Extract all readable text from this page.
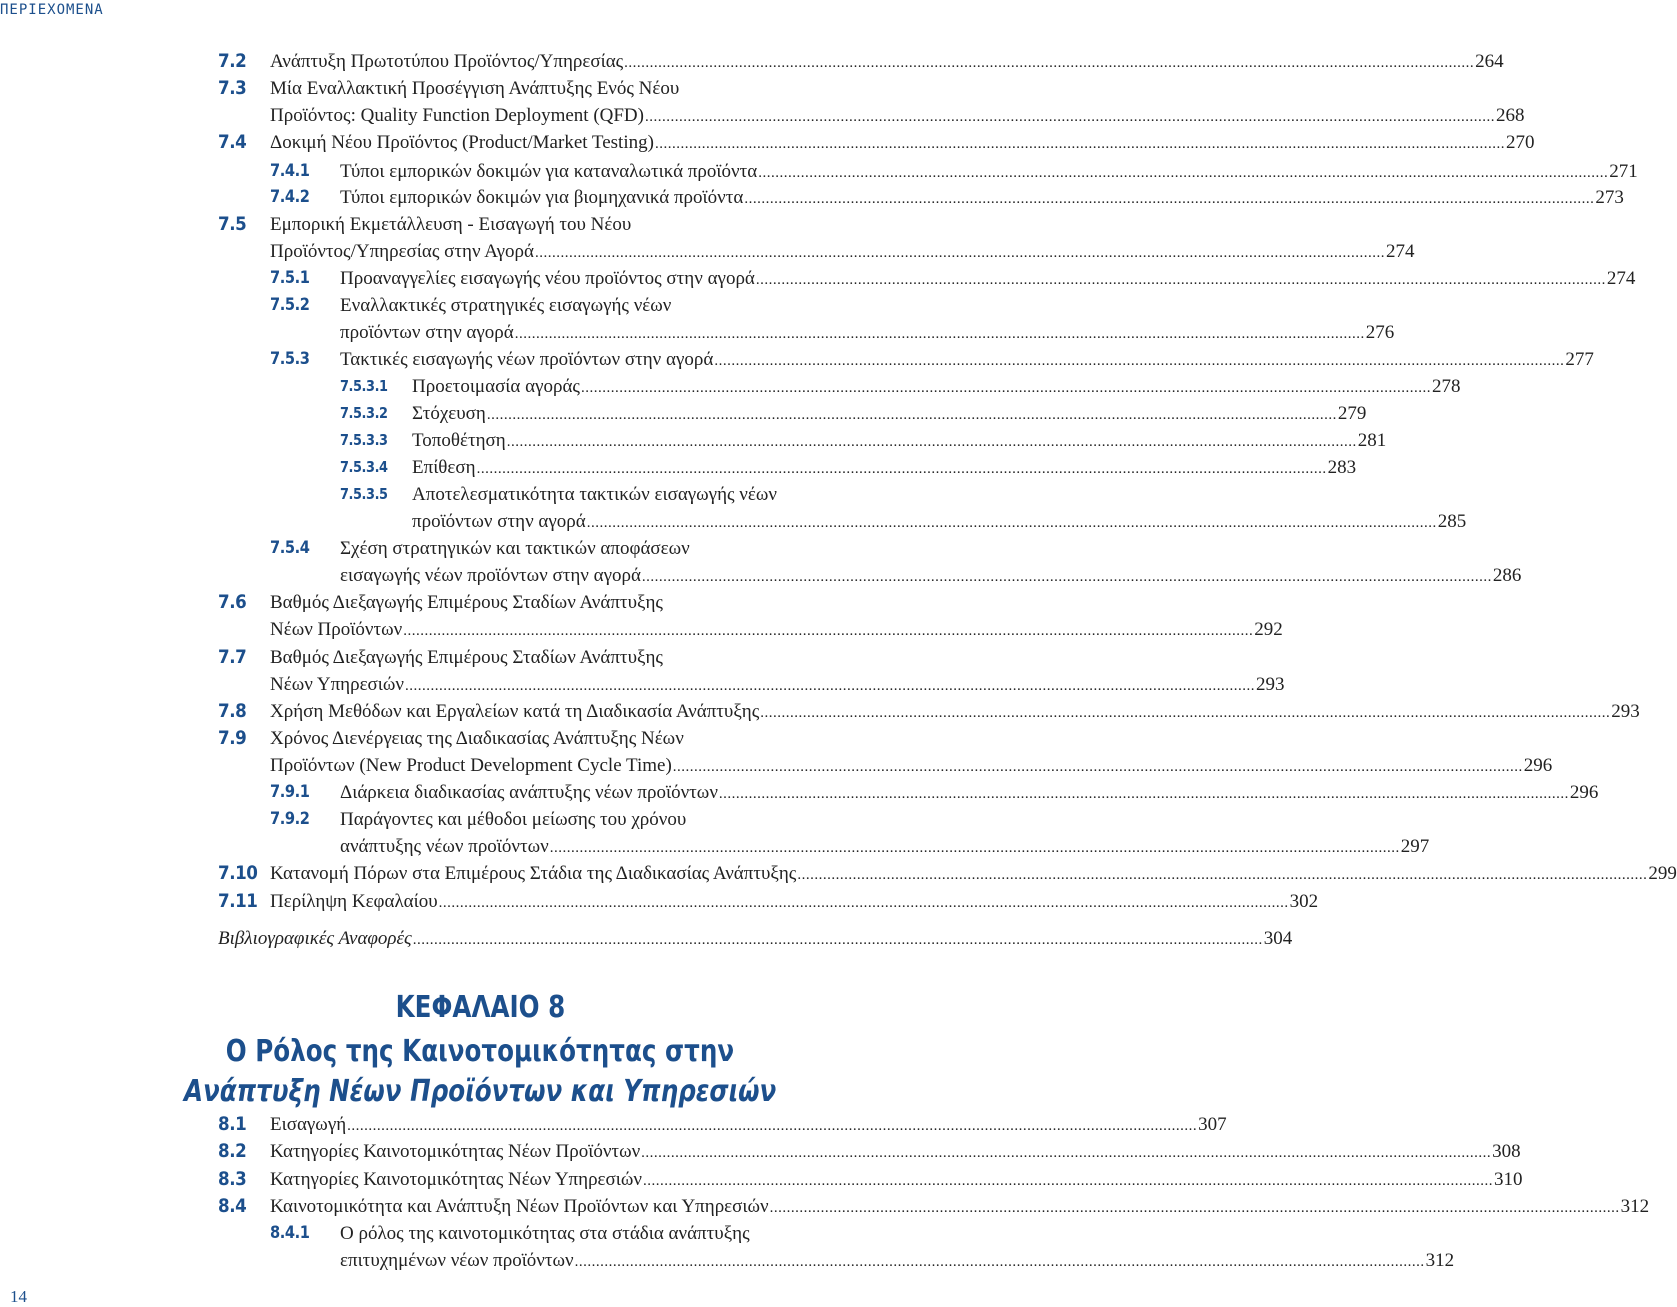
ΠΕΡΙΕΧΟΜΕΝΑ
7.2 Ανάπτυξη Πρωτοτύπου Προϊόντος/Υπηρεσίας ........................................................................................................................................................................................................ 264
7.3 Μία Εναλλακτική Προσέγγιση Ανάπτυξης Ενός Νέου
Προϊόντος: Quality Function Deployment (QFD) ........................................................................................................................................................................................................ 268
7.4 Δοκιμή Νέου Προϊόντος (Product/Market Testing) ........................................................................................................................................................................................................ 270
7.4.1 Τύποι εμπορικών δοκιμών για καταναλωτικά προϊόντα ........................................................................................................................................................................................................ 271
7.4.2 Τύποι εμπορικών δοκιμών για βιομηχανικά προϊόντα ........................................................................................................................................................................................................ 273
7.5 Εμπορική Εκμετάλλευση - Εισαγωγή του Νέου
Προϊόντος/Υπηρεσίας στην Αγορά ........................................................................................................................................................................................................ 274
7.5.1 Προαναγγελίες εισαγωγής νέου προϊόντος στην αγορά ........................................................................................................................................................................................................ 274
7.5.2 Εναλλακτικές στρατηγικές εισαγωγής νέων
προϊόντων στην αγορά ........................................................................................................................................................................................................ 276
7.5.3 Τακτικές εισαγωγής νέων προϊόντων στην αγορά ........................................................................................................................................................................................................ 277
7.5.3.1 Προετοιμασία αγοράς ........................................................................................................................................................................................................ 278
7.5.3.2 Στόχευση ........................................................................................................................................................................................................ 279
7.5.3.3 Τοποθέτηση ........................................................................................................................................................................................................ 281
7.5.3.4 Επίθεση ........................................................................................................................................................................................................ 283
7.5.3.5 Αποτελεσματικότητα τακτικών εισαγωγής νέων
προϊόντων στην αγορά ........................................................................................................................................................................................................ 285
7.5.4 Σχέση στρατηγικών και τακτικών αποφάσεων
εισαγωγής νέων προϊόντων στην αγορά ........................................................................................................................................................................................................ 286
7.6 Βαθμός Διεξαγωγής Επιμέρους Σταδίων Ανάπτυξης
Νέων Προϊόντων ........................................................................................................................................................................................................ 292
7.7 Βαθμός Διεξαγωγής Επιμέρους Σταδίων Ανάπτυξης
Νέων Υπηρεσιών ........................................................................................................................................................................................................ 293
7.8 Χρήση Μεθόδων και Εργαλείων κατά τη Διαδικασία Ανάπτυξης ........................................................................................................................................................................................................ 293
7.9 Χρόνος Διενέργειας της Διαδικασίας Ανάπτυξης Νέων
Προϊόντων (New Product Development Cycle Time) ........................................................................................................................................................................................................ 296
7.9.1 Διάρκεια διαδικασίας ανάπτυξης νέων προϊόντων ........................................................................................................................................................................................................ 296
7.9.2 Παράγοντες και μέθοδοι μείωσης του χρόνου
ανάπτυξης νέων προϊόντων ........................................................................................................................................................................................................ 297
7.10 Κατανομή Πόρων στα Επιμέρους Στάδια της Διαδικασίας Ανάπτυξης ........................................................................................................................................................................................................ 299
7.11 Περίληψη Κεφαλαίου ........................................................................................................................................................................................................ 302
Βιβλιογραφικές Αναφορές ........................................................................................................................................................................................................ 304
8.1 Εισαγωγή ........................................................................................................................................................................................................ 307
8.2 Κατηγορίες Καινοτομικότητας Νέων Προϊόντων ........................................................................................................................................................................................................ 308
8.3 Κατηγορίες Καινοτομικότητας Νέων Υπηρεσιών ........................................................................................................................................................................................................ 310
8.4 Καινοτομικότητα και Ανάπτυξη Νέων Προϊόντων και Υπηρεσιών ........................................................................................................................................................................................................ 312
8.4.1 Ο ρόλος της καινοτομικότητας στα στάδια ανάπτυξης
επιτυχημένων νέων προϊόντων ........................................................................................................................................................................................................ 312
ΚΕΦΑΛΑΙΟ 8
Ο Ρόλος της Καινοτομικότητας στην
Ανάπτυξη Νέων Προϊόντων και Υπηρεσιών
14
